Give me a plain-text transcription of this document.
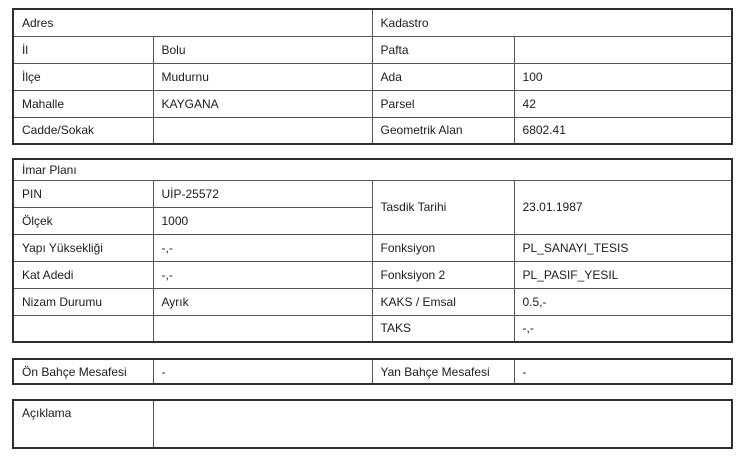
Adres		Kadastro	
İl	Bolu	Pafta	
İlçe	Mudurnu	Ada	100
Mahalle	KAYGANA	Parsel	42
Cadde/Sokak		Geometrik Alan	6802.41
İmar Planı			
PIN	UİP-25572	Tasdik Tarihi	23.01.1987
Ölçek	1000		
Yapı Yüksekliği	-,-	Fonksiyon	PL_SANAYI_TESIS
Kat Adedi	-,-	Fonksiyon 2	PL_PASIF_YESIL
Nizam Durumu	Ayrık	KAKS / Emsal	0.5,-
		TAKS	-,-
Ön Bahçe Mesafesi	-	Yan Bahçe Mesafesi	-
Açıklama	
